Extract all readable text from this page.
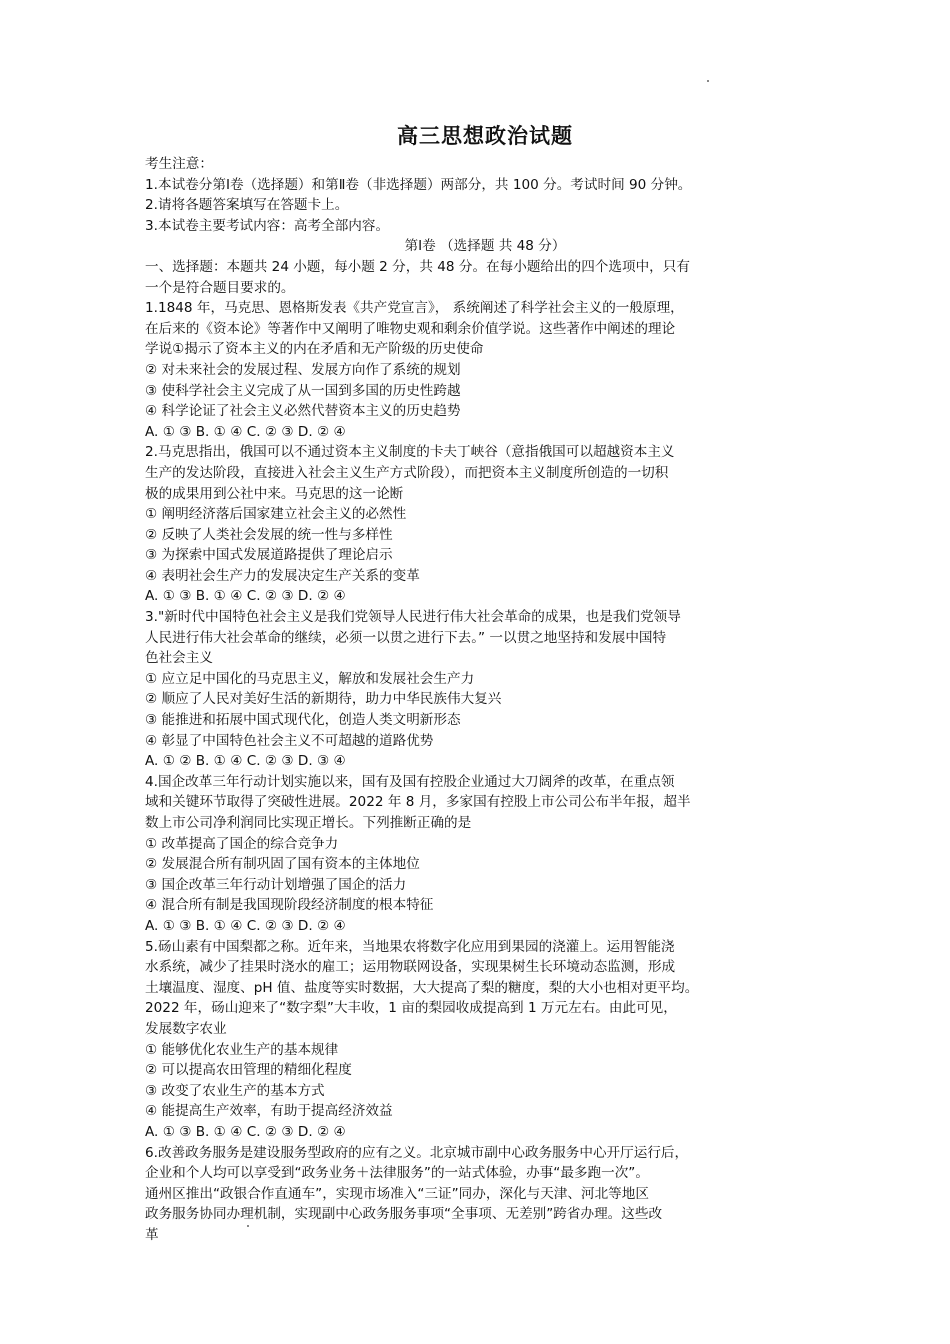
高三思想政治试题
考生注意：
1.本试卷分第Ⅰ卷（选择题）和第Ⅱ卷（非选择题）两部分，共 100 分。考试时间 90 分钟。
2.请将各题答案填写在答题卡上。
3.本试卷主要考试内容：高考全部内容。
第Ⅰ卷 （选择题 共 48 分）
一、选择题：本题共 24 小题，每小题 2 分，共 48 分。在每小题给出的四个选项中，只有
一个是符合题目要求的。
1.1848 年，马克思、恩格斯发表《共产党宣言》， 系统阐述了科学社会主义的一般原理，
在后来的《资本论》等著作中又阐明了唯物史观和剩余价值学说。这些著作中阐述的理论
学说①揭示了资本主义的内在矛盾和无产阶级的历史使命
② 对未来社会的发展过程、发展方向作了系统的规划
③ 使科学社会主义完成了从一国到多国的历史性跨越
④ 科学论证了社会主义必然代替资本主义的历史趋势
A. ① ③ B. ① ④ C. ② ③ D. ② ④
2.马克思指出，俄国可以不通过资本主义制度的卡夫丁峡谷（意指俄国可以超越资本主义
生产的发达阶段，直接进入社会主义生产方式阶段），而把资本主义制度所创造的一切积
极的成果用到公社中来。马克思的这一论断
① 阐明经济落后国家建立社会主义的必然性
② 反映了人类社会发展的统一性与多样性
③ 为探索中国式发展道路提供了理论启示
④ 表明社会生产力的发展决定生产关系的变革
A. ① ③ B. ① ④ C. ② ③ D. ② ④
3."新时代中国特色社会主义是我们党领导人民进行伟大社会革命的成果，也是我们党领导
人民进行伟大社会革命的继续，必须一以贯之进行下去。” 一以贯之地坚持和发展中国特
色社会主义
① 应立足中国化的马克思主义，解放和发展社会生产力
② 顺应了人民对美好生活的新期待，助力中华民族伟大复兴
③ 能推进和拓展中国式现代化，创造人类文明新形态
④ 彰显了中国特色社会主义不可超越的道路优势
A. ① ② B. ① ④ C. ② ③ D. ③ ④
4.国企改革三年行动计划实施以来，国有及国有控股企业通过大刀阔斧的改革，在重点领
域和关键环节取得了突破性进展。2022 年 8 月，多家国有控股上市公司公布半年报，超半
数上市公司净利润同比实现正增长。下列推断正确的是
① 改革提高了国企的综合竞争力
② 发展混合所有制巩固了国有资本的主体地位
③ 国企改革三年行动计划增强了国企的活力
④ 混合所有制是我国现阶段经济制度的根本特征
A. ① ③ B. ① ④ C. ② ③ D. ② ④
5.砀山素有中国梨都之称。近年来，当地果农将数字化应用到果园的浇灌上。运用智能浇
水系统，减少了挂果时浇水的雇工；运用物联网设备，实现果树生长环境动态监测，形成
土壤温度、湿度、pH 值、盐度等实时数据，大大提高了梨的糖度，梨的大小也相对更平均。
2022 年，砀山迎来了“数字梨”大丰收，1 亩的梨园收成提高到 1 万元左右。由此可见，
发展数字农业
① 能够优化农业生产的基本规律
② 可以提高农田管理的精细化程度
③ 改变了农业生产的基本方式
④ 能提高生产效率，有助于提高经济效益
A. ① ③ B. ① ④ C. ② ③ D. ② ④
6.改善政务服务是建设服务型政府的应有之义。北京城市副中心政务服务中心开厅运行后，
企业和个人均可以享受到“政务业务＋法律服务”的一站式体验，办事“最多跑一次”。
通州区推出“政银合作直通车”，实现市场准入“三证”同办，深化与天津、河北等地区
政务服务协同办理机制，实现副中心政务服务事项“全事项、无差别”跨省办理。这些改
革
